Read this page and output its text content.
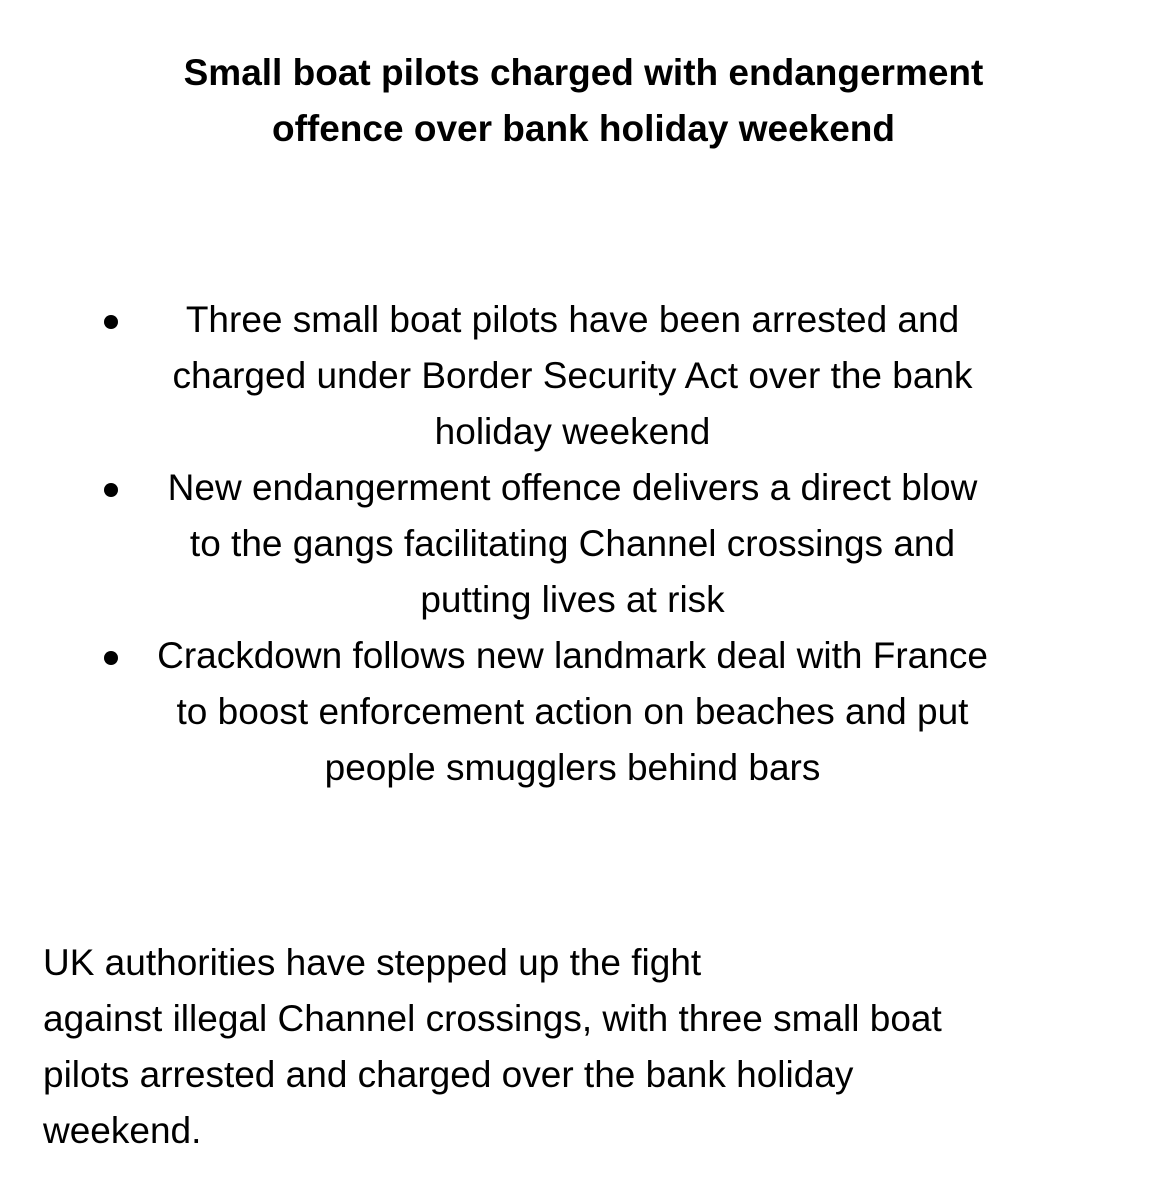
Small boat pilots charged with endangerment
offence over bank holiday weekend

Three small boat pilots have been arrested and
charged under Border Security Act over the bank
holiday weekend

New endangerment offence delivers a direct blow
to the gangs facilitating Channel crossings and
putting lives at risk

Crackdown follows new landmark deal with France
to boost enforcement action on beaches and put
people smugglers behind bars

UK authorities have stepped up the fight
against illegal Channel crossings, with three small boat
pilots arrested and charged over the bank holiday
weekend.
